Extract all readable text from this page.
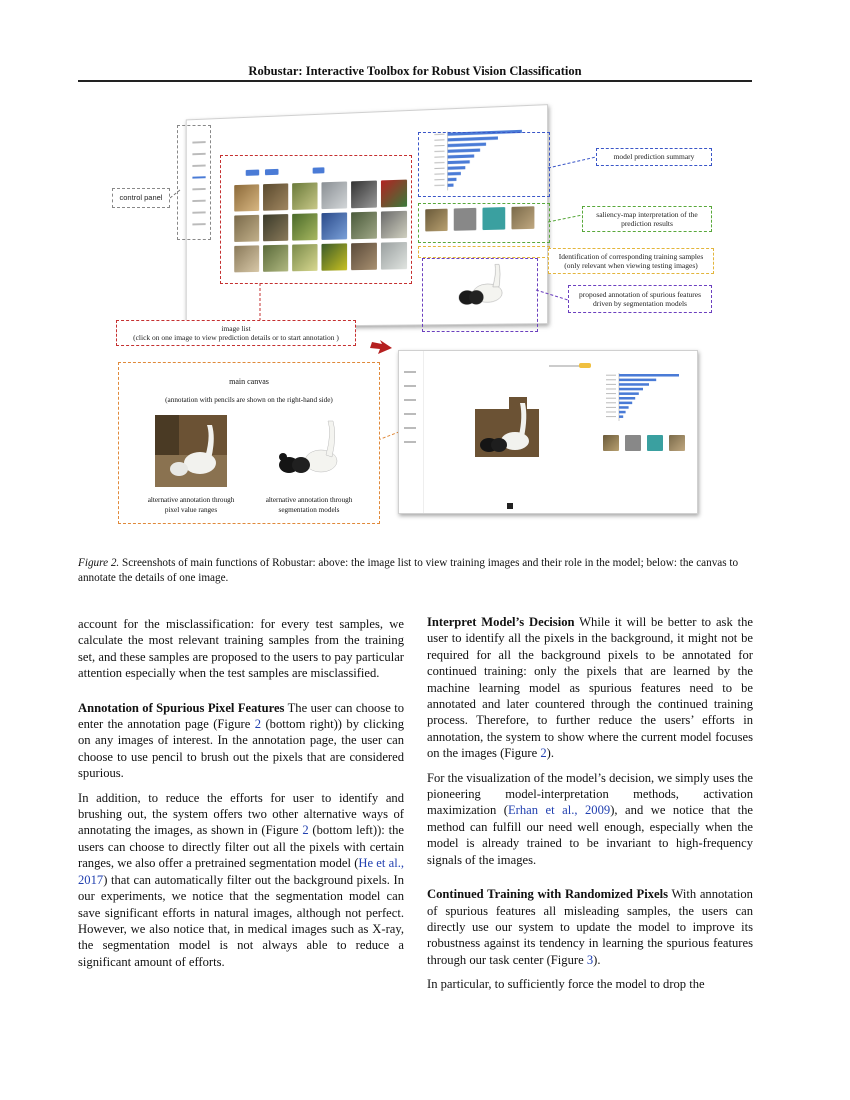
Robustar: Interactive Toolbox for Robust Vision Classification
control panel
model prediction summary
saliency-map interpretation of the prediction results
Identification of corresponding training samples (only relevant when viewing testing images)
proposed annotation of spurious features driven by segmentation models
image list
(click on one image to view prediction details or to start annotation )
main canvas
(annotation with pencils are shown on the right-hand side)
alternative annotation through
pixel value ranges
alternative annotation through
segmentation models
Figure 2. Screenshots of main functions of Robustar: above: the image list to view training images and their role in the model; below: the canvas to annotate the details of one image.

account for the misclassification: for every test samples, we calculate the most relevant training samples from the training set, and these samples are proposed to the users to pay particular attention especially when the test samples are misclassified.

Annotation of Spurious Pixel Features The user can choose to enter the annotation page (Figure 2 (bottom right)) by clicking on any images of interest. In the annotation page, the user can choose to use pencil to brush out the pixels that are considered spurious.

In addition, to reduce the efforts for user to identify and brushing out, the system offers two other alternative ways of annotating the images, as shown in (Figure 2 (bottom left)): the users can choose to directly filter out all the pixels with certain ranges, we also offer a pretrained segmentation model (He et al., 2017) that can automatically filter out the background pixels. In our experiments, we notice that the segmentation model can save significant efforts in natural images, although not perfect. However, we also notice that, in medical images such as X-ray, the segmentation model is not always able to reduce a significant amount of efforts.

Interpret Model’s Decision While it will be better to ask the user to identify all the pixels in the background, it might not be required for all the background pixels to be annotated for continued training: only the pixels that are learned by the machine learning model as spurious features need to be annotated and later countered through the continued training process. Therefore, to further reduce the users’ efforts in annotation, the system to show where the current model focuses on the images (Figure 2).

For the visualization of the model’s decision, we simply uses the pioneering model-interpretation methods, activation maximization (Erhan et al., 2009), and we notice that the method can fulfill our need well enough, especially when the model is already trained to be invariant to high-frequency signals of the images.

Continued Training with Randomized Pixels With annotation of spurious features all misleading samples, the users can directly use our system to update the model to improve its robustness against its tendency in learning the spurious features through our task center (Figure 3).

In particular, to sufficiently force the model to drop the
